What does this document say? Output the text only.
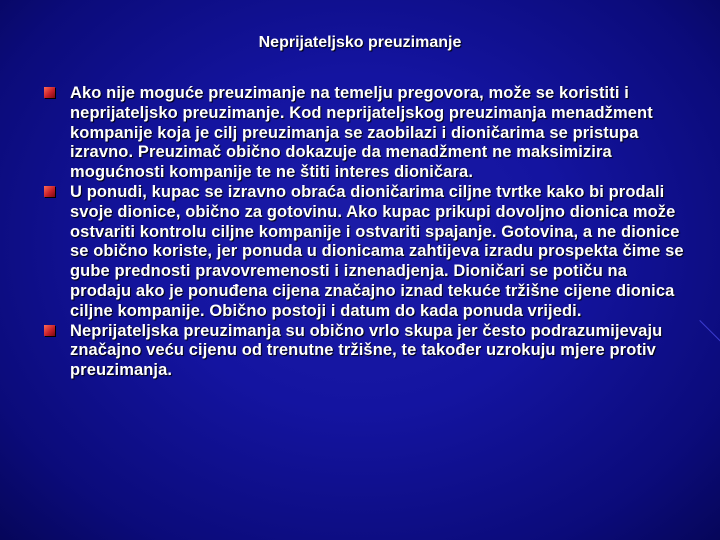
Neprijateljsko preuzimanje
Ako nije moguće preuzimanje na temelju pregovora, može se koristiti i neprijateljsko preuzimanje. Kod neprijateljskog preuzimanja menadžment kompanije koja je cilj preuzimanja se zaobilazi i dioničarima se pristupa izravno. Preuzimač obično dokazuje da menadžment ne maksimizira mogućnosti kompanije te ne štiti interes dioničara.
U ponudi, kupac se izravno obraća dioničarima ciljne tvrtke kako bi prodali svoje dionice, obično za gotovinu. Ako kupac prikupi dovoljno dionica može ostvariti kontrolu ciljne kompanije i ostvariti spajanje. Gotovina, a ne dionice se obično koriste, jer ponuda u dionicama zahtijeva izradu prospekta čime se gube prednosti pravovremenosti i iznenadjenja. Dioničari se potiču na prodaju ako je ponuđena cijena značajno iznad tekuće tržišne cijene dionica ciljne kompanije. Obično postoji i datum do kada ponuda vrijedi.
Neprijateljska preuzimanja su obično vrlo skupa jer često podrazumijevaju značajno veću cijenu od trenutne tržišne, te također uzrokuju mjere protiv preuzimanja.
